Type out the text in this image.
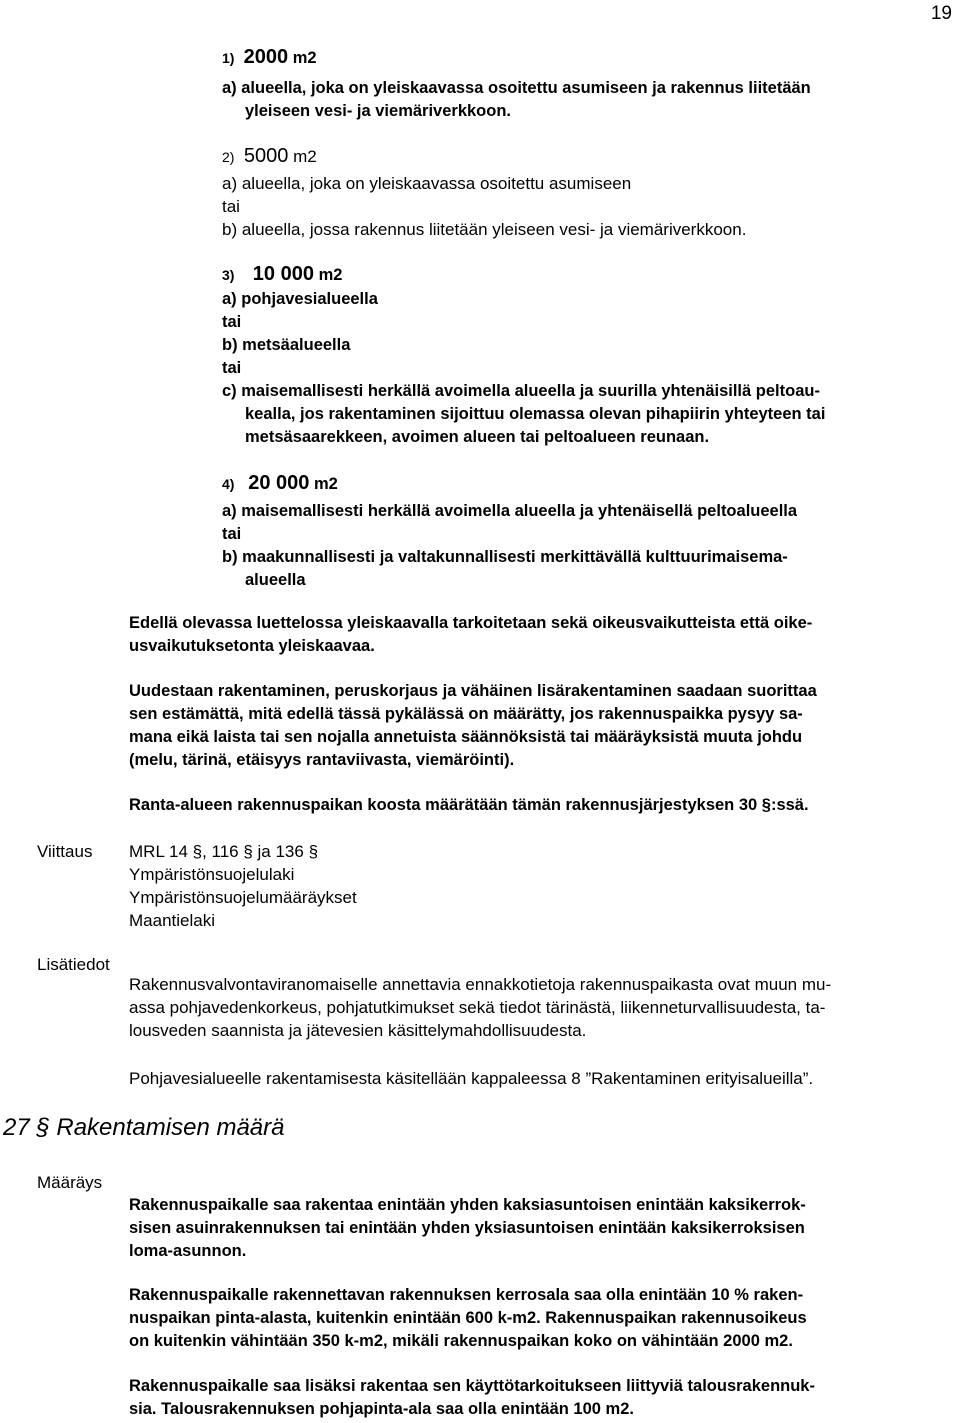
19
1) 2000 m2
a) alueella, joka on yleiskaavassa osoitettu asumiseen ja rakennus liitetään
yleiseen vesi- ja viemäriverkkoon.
2) 5000 m2
a) alueella, joka on yleiskaavassa osoitettu asumiseen
tai
b) alueella, jossa rakennus liitetään yleiseen vesi- ja viemäriverkkoon.
3) 10 000 m2
a) pohjavesialueella
tai
b) metsäalueella
tai
c) maisemallisesti herkällä avoimella alueella ja suurilla yhtenäisillä peltoau-
kealla, jos rakentaminen sijoittuu olemassa olevan pihapiirin yhteyteen tai
metsäsaarekkeen, avoimen alueen tai peltoalueen reunaan.
4) 20 000 m2
a) maisemallisesti herkällä avoimella alueella ja yhtenäisellä peltoalueella
tai
b) maakunnallisesti ja valtakunnallisesti merkittävällä kulttuurimaisema-
alueella
Edellä olevassa luettelossa yleiskaavalla tarkoitetaan sekä oikeusvaikutteista että oike-
usvaikutuksetonta yleiskaavaa.
Uudestaan rakentaminen, peruskorjaus ja vähäinen lisärakentaminen saadaan suorittaa
sen estämättä, mitä edellä tässä pykälässä on määrätty, jos rakennuspaikka pysyy sa-
mana eikä laista tai sen nojalla annetuista säännöksistä tai määräyksistä muuta johdu
(melu, tärinä, etäisyys rantaviivasta, viemäröinti).
Ranta-alueen rakennuspaikan koosta määrätään tämän rakennusjärjestyksen 30 §:ssä.
Viittaus MRL 14 §, 116 § ja 136 §
Ympäristönsuojelulaki
Ympäristönsuojelumääräykset
Maantielaki
Lisätiedot
Rakennusvalvontaviranomaiselle annettavia ennakkotietoja rakennuspaikasta ovat muun mu-
assa pohjavedenkorkeus, pohjatutkimukset sekä tiedot tärinästä, liikenneturvallisuudesta, ta-
lousveden saannista ja jätevesien käsittelymahdollisuudesta.
Pohjavesialueelle rakentamisesta käsitellään kappaleessa 8 ”Rakentaminen erityisalueilla”.
27 § Rakentamisen määrä
Määräys
Rakennuspaikalle saa rakentaa enintään yhden kaksiasuntoisen enintään kaksikerrok-
sisen asuinrakennuksen tai enintään yhden yksiasuntoisen enintään kaksikerroksisen
loma-asunnon.
Rakennuspaikalle rakennettavan rakennuksen kerrosala saa olla enintään 10 % raken-
nuspaikan pinta-alasta, kuitenkin enintään 600 k-m2. Rakennuspaikan rakennusoikeus
on kuitenkin vähintään 350 k-m2, mikäli rakennuspaikan koko on vähintään 2000 m2.
Rakennuspaikalle saa lisäksi rakentaa sen käyttötarkoitukseen liittyviä talousrakennuk-
sia. Talousrakennuksen pohjapinta-ala saa olla enintään 100 m2.
